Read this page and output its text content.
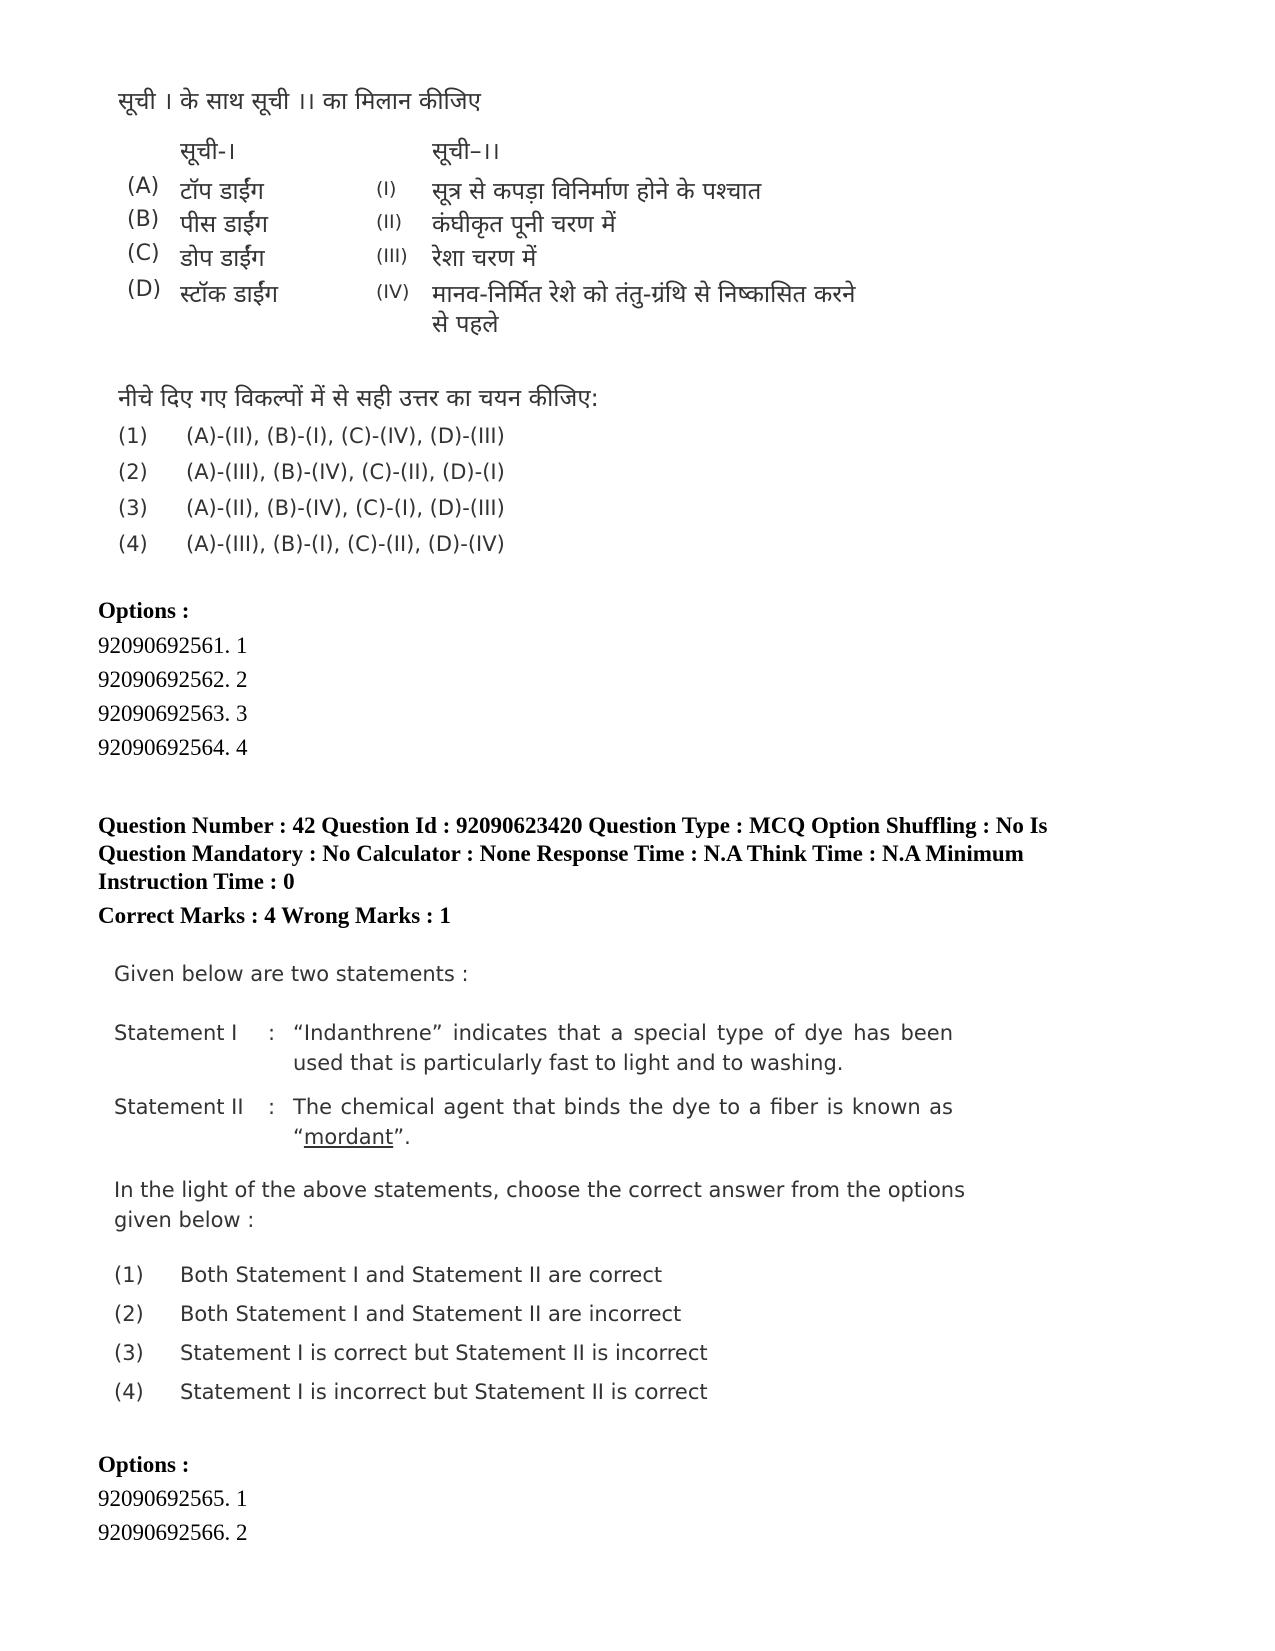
सूची । के साथ सूची ।। का मिलान कीजिए
सूची-।	सूची–।।
(A) टॉप डाईंग	(I) सूत्र से कपड़ा विनिर्माण होने के पश्चात
(B) पीस डाईंग	(II) कंघीकृत पूनी चरण में
(C) डोप डाईंग	(III) रेशा चरण में
(D) स्टॉक डाईंग	(IV) मानव-निर्मित रेशे को तंतु-ग्रंथि से निष्कासित करने
से पहले
नीचे दिए गए विकल्पों में से सही उत्तर का चयन कीजिए:
(1) (A)-(II), (B)-(I), (C)-(IV), (D)-(III)
(2) (A)-(III), (B)-(IV), (C)-(II), (D)-(I)
(3) (A)-(II), (B)-(IV), (C)-(I), (D)-(III)
(4) (A)-(III), (B)-(I), (C)-(II), (D)-(IV)
Options :
92090692561. 1
92090692562. 2
92090692563. 3
92090692564. 4
Question Number : 42 Question Id : 92090623420 Question Type : MCQ Option Shuffling : No Is
Question Mandatory : No Calculator : None Response Time : N.A Think Time : N.A Minimum
Instruction Time : 0
Correct Marks : 4 Wrong Marks : 1
Given below are two statements :
Statement I : “Indanthrene” indicates that a special type of dye has been used that is particularly fast to light and to washing.
Statement II : The chemical agent that binds the dye to a fiber is known as “mordant”.
In the light of the above statements, choose the correct answer from the options
given below :
(1) Both Statement I and Statement II are correct
(2) Both Statement I and Statement II are incorrect
(3) Statement I is correct but Statement II is incorrect
(4) Statement I is incorrect but Statement II is correct
Options :
92090692565. 1
92090692566. 2
